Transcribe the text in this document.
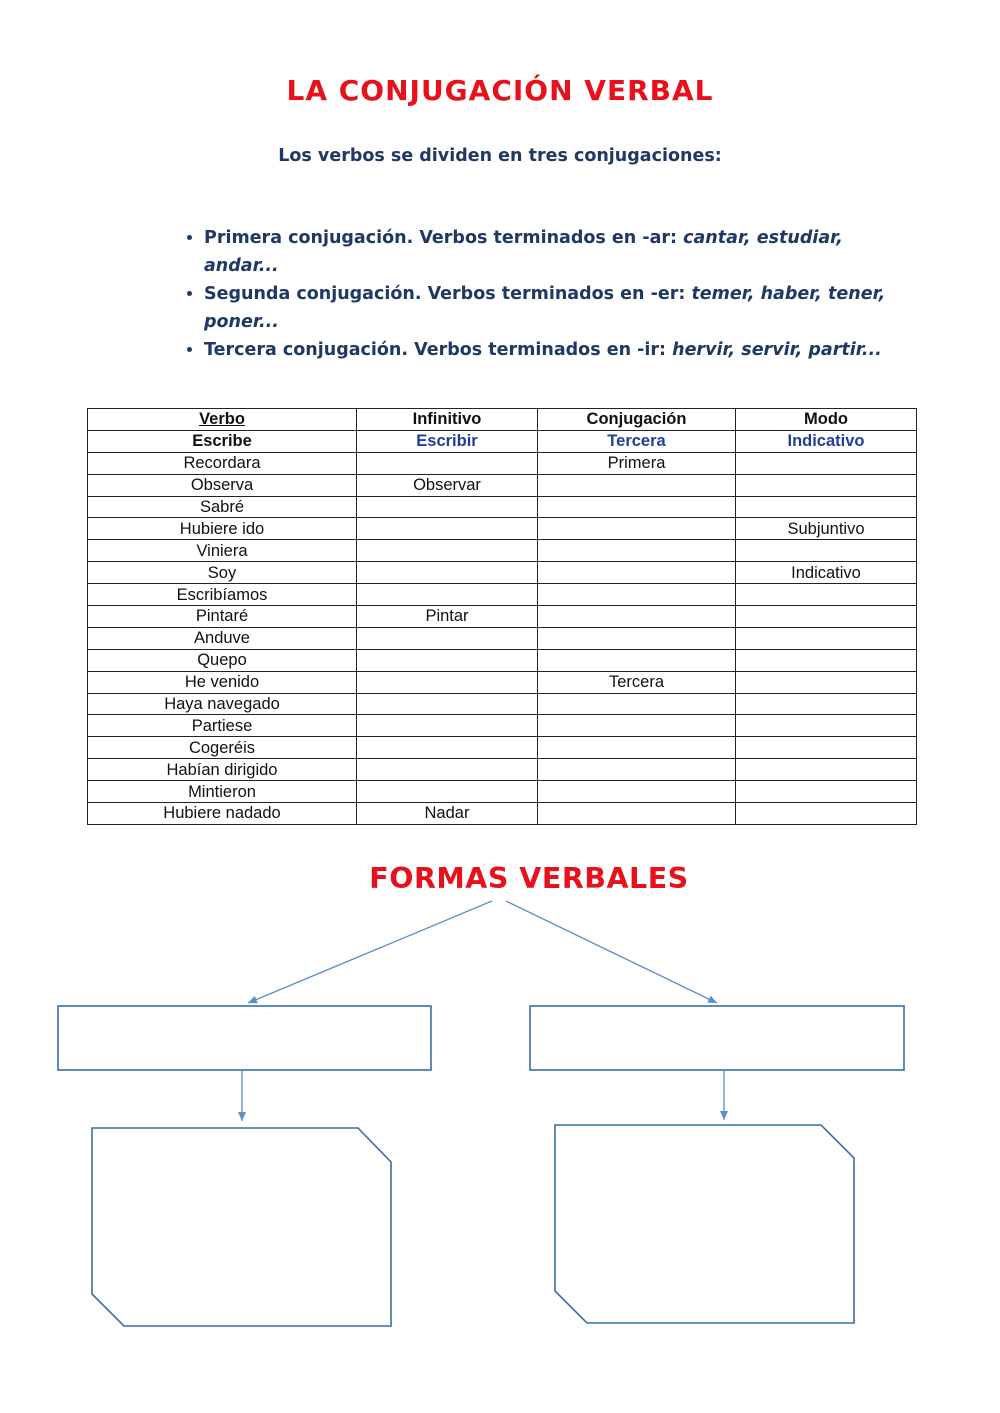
LA CONJUGACIÓN VERBAL
Los verbos se dividen en tres conjugaciones:
• Primera conjugación. Verbos terminados en -ar: cantar, estudiar, andar...
• Segunda conjugación. Verbos terminados en -er: temer, haber, tener, poner...
• Tercera conjugación. Verbos terminados en -ir: hervir, servir, partir...
Verbo	Infinitivo	Conjugación	Modo
Escribe	Escribir	Tercera	Indicativo
Recordara		Primera	
Observa	Observar		
Sabré			
Hubiere ido			Subjuntivo
Viniera			
Soy			Indicativo
Escribíamos			
Pintaré	Pintar		
Anduve			
Quepo			
He venido		Tercera	
Haya navegado			
Partiese			
Cogeréis			
Habían dirigido			
Mintieron			
Hubiere nadado	Nadar		
FORMAS VERBALES
